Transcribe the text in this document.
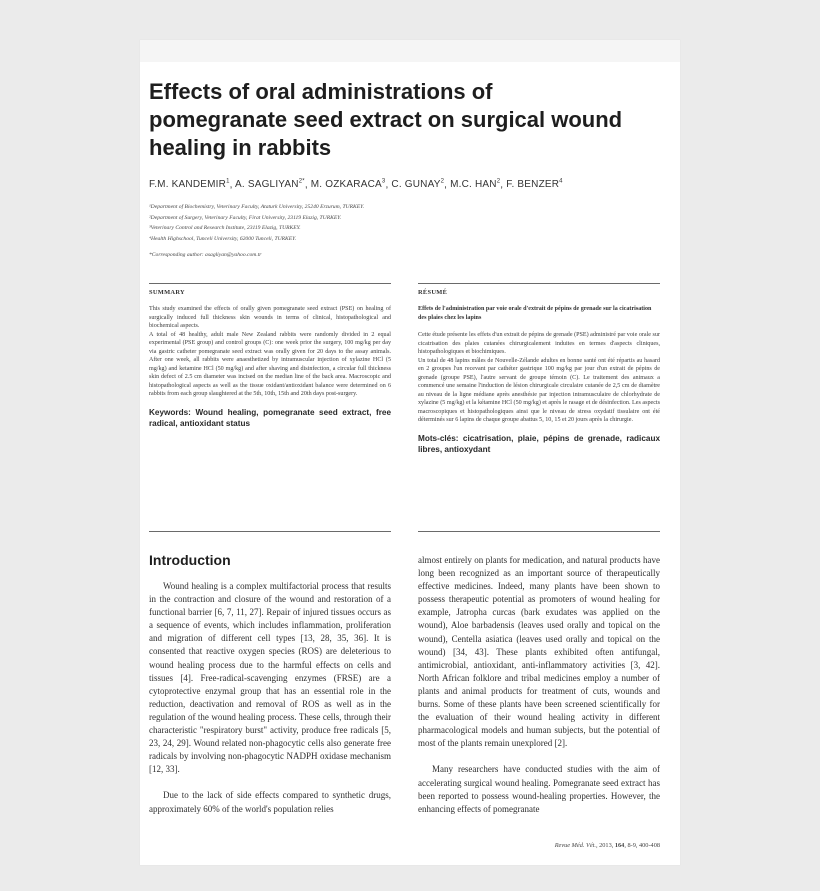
Effects of oral administrations of pomegranate seed extract on surgical wound healing in rabbits
F.M. KANDEMIR$^1$, A. $SAGLIYAN^{2*}$, M. OZKARACA$^3$, C. GUNAY$^2$, M.C. HAN$^2$, F. BENZER$^4$
¹Department of Biochemistry, Veterinary Faculty, Ataturk University, 25240 Erzurum, TURKEY.
²Department of Surgery, Veterinary Faculty, Firat University, 23119 Elazig, TURKEY.
³Veterinary Control and Research Institute, 23119 Elazig, TURKEY.
⁴Health Highschool, Tunceli University, 62000 Tunceli, TURKEY.
*Corresponding author: asagliyan@yahoo.com.tr
SUMMARY

This study examined the effects of orally given pomegranate seed extract (PSE) on healing of surgically induced full thickness skin wounds in terms of clinical, histopathological and biochemical aspects.

A total of 48 healthy, adult male New Zealand rabbits were randomly divided in 2 equal experimental (PSE group) and control groups (C): one week prior the surgery, 100 mg/kg per day via gastric catheter pomegranate seed extract was orally given for 20 days to the assay animals. After one week, all rabbits were anaesthetized by intramuscular injection of xylazine HCl (5 mg/kg) and ketamine HCl (50 mg/kg) and after shaving and disinfection, a circular full thickness skin defect of 2.5 cm diameter was incised on the median line of the back area. Macroscopic and histopathological aspects as well as the tissue oxidant/antioxidant balance were determined on 6 rabbits from each group slaughtered at the 5th, 10th, 15th and 20th days post-surgery.

Keywords: Wound healing, pomegranate seed extract, free radical, antioxidant status

RÉSUMÉ
Effets de l'administration par voie orale d'extrait de pépins de grenade sur la cicatrisation des plaies chez les lapins

Cette étude présente les effets d'un extrait de pépins de grenade (PSE) administré par voie orale sur cicatrisation des plaies cutanées chirurgicalement induites en termes d'aspects cliniques, histopathologiques et biochimiques.

Un total de 48 lapins mâles de Nouvelle-Zélande adultes en bonne santé ont été répartis au hasard en 2 groupes l'un recevant par cathéter gastrique 100 mg/kg par jour d'un extrait de pépins de grenade (groupe PSE), l'autre servant de groupe témoin (C). Le traitement des animaux a commencé une semaine l'induction de lésion chirurgicale circulaire cutanée de 2,5 cm de diamètre au niveau de la ligne médiane après anesthésie par injection intramusculaire de chlorhydrate de xylazine (5 mg/kg) et la kétamine HCl (50 mg/kg) et après le rasage et de désinfection. Les aspects macroscopiques et histopathologiques ainsi que le niveau de stress oxydatif tissulaire ont été déterminés sur 6 lapins de chaque groupe abattus 5, 10, 15 et 20 jours après la chirurgie.

Mots-clés: cicatrisation, plaie, pépins de grenade, radicaux libres, antioxydant

Introduction

Wound healing is a complex multifactorial process that results in the contraction and closure of the wound and restoration of a functional barrier [6, 7, 11, 27]. Repair of injured tissues occurs as a sequence of events, which includes inflammation, proliferation and migration of different cell types [13, 28, 35, 36]. It is consented that reactive oxygen species (ROS) are deleterious to wound healing process due to the harmful effects on cells and tissues [4]. Free-radical-scavenging enzymes (FRSE) are a cytoprotective enzymal group that has an essential role in the reduction, deactivation and removal of ROS as well as in the regulation of the wound healing process. These cells, through their characteristic "respiratory burst" activity, produce free radicals [5, 23, 24, 29]. Wound related non-phagocytic cells also generate free radicals by involving non-phagocytic NADPH oxidase mechanism [12, 33].

Due to the lack of side effects compared to synthetic drugs, approximately 60% of the world's population relies

almost entirely on plants for medication, and natural products have long been recognized as an important source of therapeutically effective medicines. Indeed, many plants have been shown to possess therapeutic potential as promoters of wound healing for example, Jatropha curcas (bark exudates was applied on the wound), Aloe barbadensis (leaves used orally and topical on the wound), Centella asiatica (leaves used orally and topical on the wound) [34, 43]. These plants exhibited often antifungal, antimicrobial, antioxidant, anti-inflammatory activities [3, 42]. North African folklore and tribal medicines employ a number of plants and animal products for treatment of cuts, wounds and burns. Some of these plants have been screened scientifically for the evaluation of their wound healing activity in different pharmacological models and human subjects, but the potential of most of the plants remain unexplored [2].

Many researchers have conducted studies with the aim of accelerating surgical wound healing. Pomegranate seed extract has been reported to possess wound-healing properties. However, the enhancing effects of pomegranate

Revue Méd. Vét., 2013, 164, 8-9, 400-408
